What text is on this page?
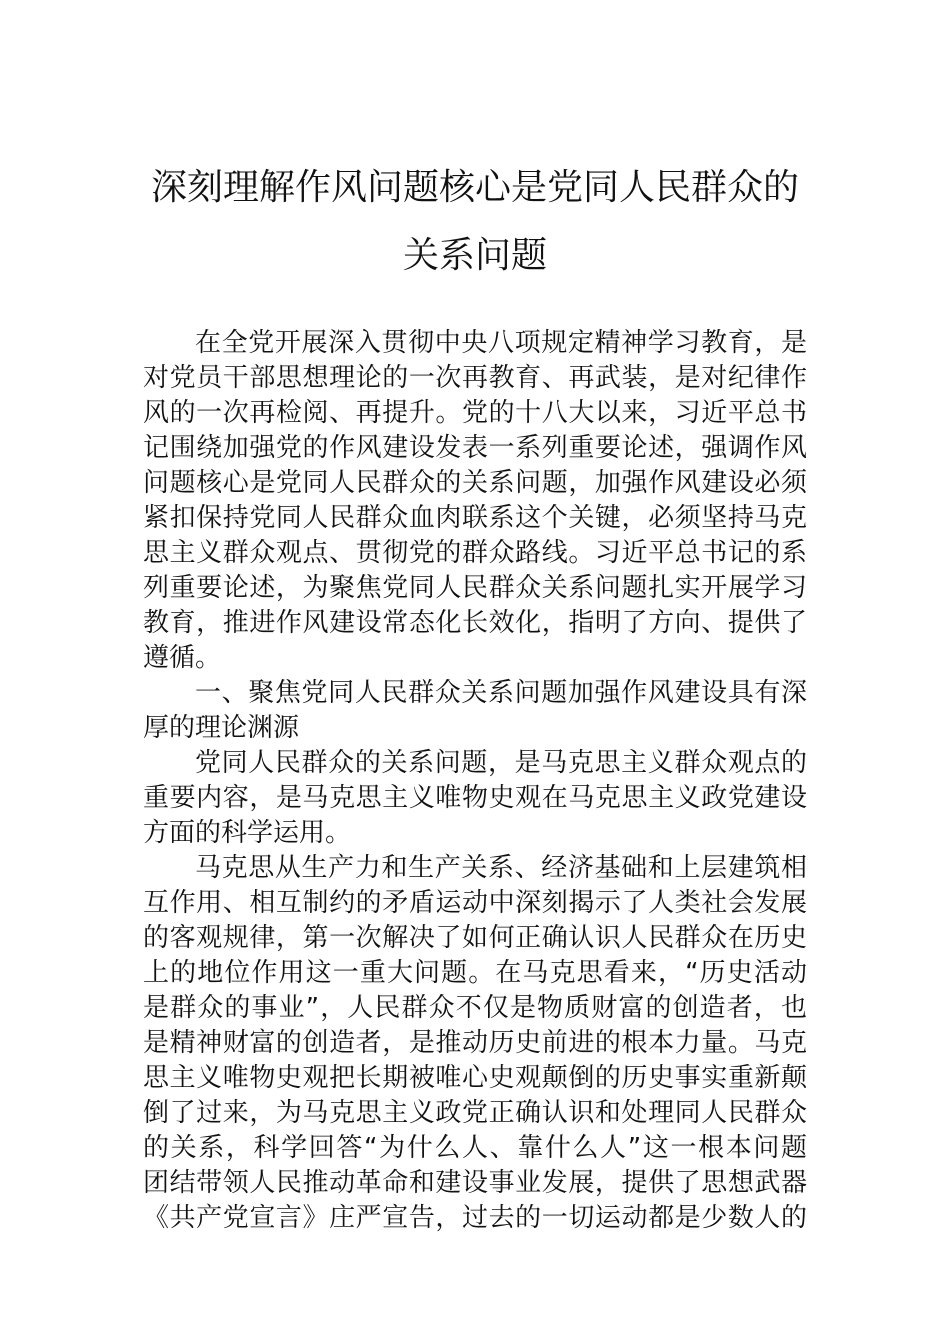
深刻理解作风问题核心是党同人民群众的
关系问题
在全党开展深入贯彻中央八项规定精神学习教育，是
对党员干部思想理论的一次再教育、再武装，是对纪律作
风的一次再检阅、再提升。党的十八大以来，习近平总书
记围绕加强党的作风建设发表一系列重要论述，强调作风
问题核心是党同人民群众的关系问题，加强作风建设必须
紧扣保持党同人民群众血肉联系这个关键，必须坚持马克
思主义群众观点、贯彻党的群众路线。习近平总书记的系
列重要论述，为聚焦党同人民群众关系问题扎实开展学习
教育，推进作风建设常态化长效化，指明了方向、提供了
遵循。
一、聚焦党同人民群众关系问题加强作风建设具有深
厚的理论渊源
党同人民群众的关系问题，是马克思主义群众观点的
重要内容，是马克思主义唯物史观在马克思主义政党建设
方面的科学运用。
马克思从生产力和生产关系、经济基础和上层建筑相
互作用、相互制约的矛盾运动中深刻揭示了人类社会发展
的客观规律，第一次解决了如何正确认识人民群众在历史
上的地位作用这一重大问题。在马克思看来，“历史活动
是群众的事业”，人民群众不仅是物质财富的创造者，也
是精神财富的创造者，是推动历史前进的根本力量。马克
思主义唯物史观把长期被唯心史观颠倒的历史事实重新颠
倒了过来，为马克思主义政党正确认识和处理同人民群众
的关系，科学回答“为什么人、靠什么人”这一根本问题
团结带领人民推动革命和建设事业发展，提供了思想武器
《共产党宣言》庄严宣告，过去的一切运动都是少数人的
